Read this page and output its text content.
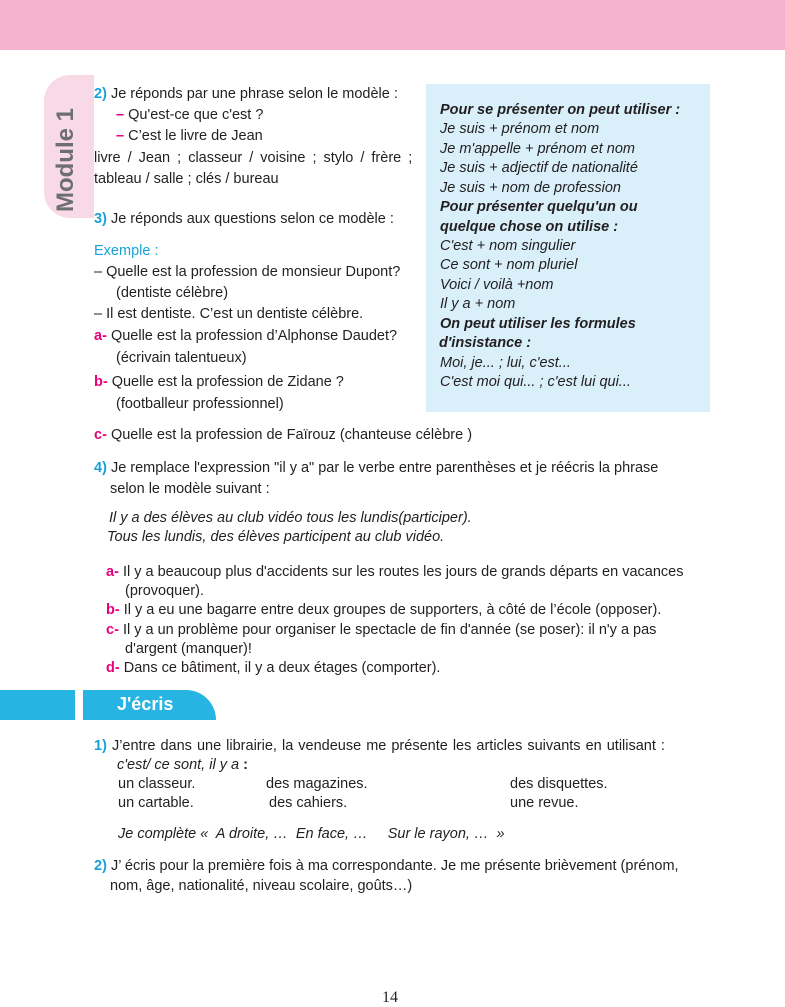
Module 1
2) Je réponds par une phrase selon le modèle :
– Qu'est-ce que c'est ?
– C’est le livre de Jean
livre / Jean ; classeur / voisine ; stylo / frère ;
tableau / salle ; clés / bureau
3) Je réponds aux questions selon ce modèle :
Exemple :
– Quelle est la profession de monsieur Dupont?
(dentiste célèbre)
– Il est dentiste. C’est un dentiste célèbre.
a- Quelle est la profession d’Alphonse Daudet?
(écrivain talentueux)
b- Quelle est la profession de Zidane ?
(footballeur professionnel)
c- Quelle est la profession de Faïrouz (chanteuse célèbre )
Pour se présenter on peut utiliser :
Je suis + prénom et nom
Je m'appelle + prénom et nom
Je suis + adjectif de nationalité
Je suis + nom de profession
Pour présenter quelqu'un ou
quelque chose on utilise :
C'est + nom singulier
Ce sont + nom pluriel
Voici / voilà +nom
Il y a + nom
On peut utiliser les formules
d'insistance :
Moi, je... ; lui, c'est...
C'est moi qui... ; c'est lui qui...
4) Je remplace l'expression "il y a" par le verbe entre parenthèses et je réécris la phrase
selon le modèle suivant :
Il y a des élèves au club vidéo tous les lundis(participer).
Tous les lundis, des élèves participent au club vidéo.
a- Il y a beaucoup plus d'accidents sur les routes les jours de grands départs en vacances
(provoquer).
b- Il y a eu une bagarre entre deux groupes de supporters, à côté de l’école (opposer).
c- Il y a un problème pour organiser le spectacle de fin d'année (se poser): il n'y a pas
d'argent (manquer)!
d- Dans ce bâtiment, il y a deux étages (comporter).
J'écris
1) J’entre dans une librairie, la vendeuse me présente les articles suivants en utilisant :
c'est/ ce sont, il y a :
un classeur.	des magazines.	des disquettes.
un cartable.	des cahiers.	une revue.
Je complète «  A droite, …  En face, …     Sur le rayon, …  »
2) J’ écris pour la première fois à ma correspondante. Je me présente brièvement (prénom,
nom, âge, nationalité, niveau scolaire, goûts…)
14
